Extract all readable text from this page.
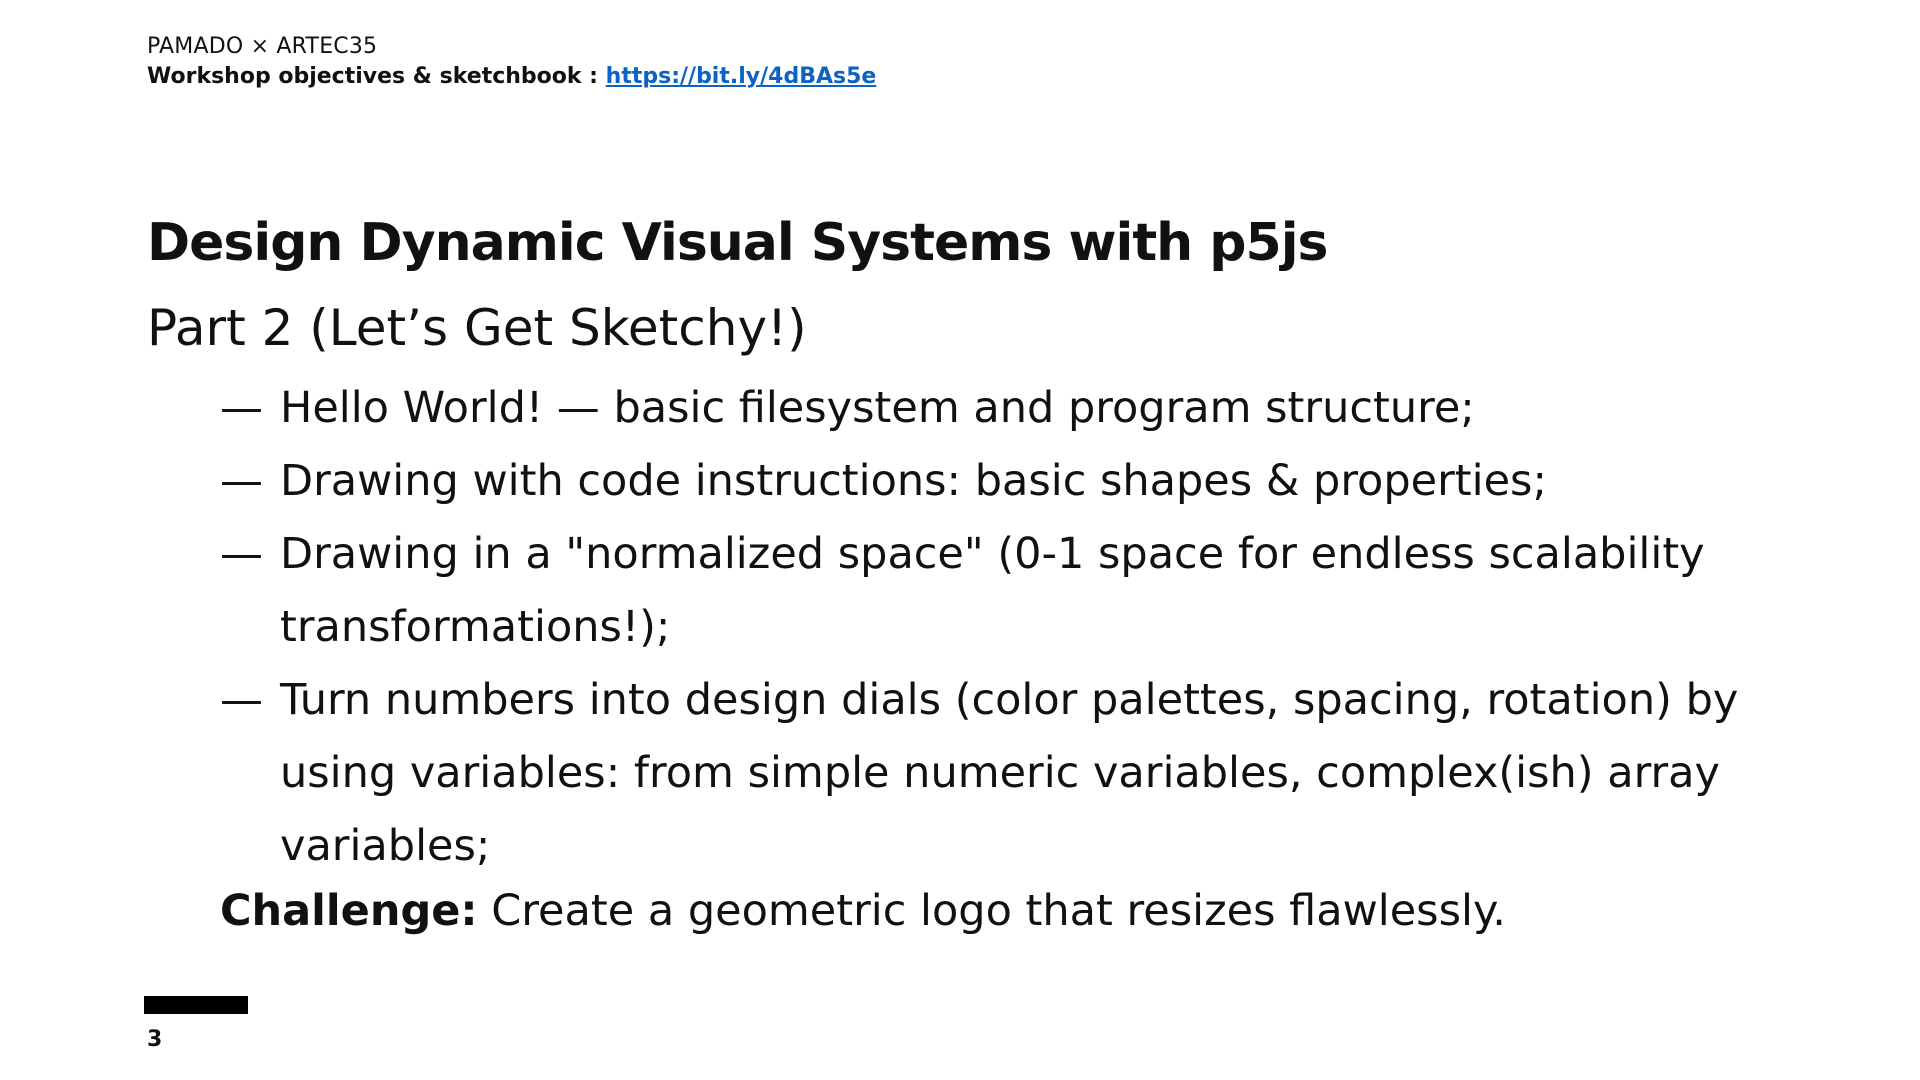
PAMADO × ARTEC35
Workshop objectives & sketchbook : https://bit.ly/4dBAs5e
Design Dynamic Visual Systems with p5js
Part 2 (Let’s Get Sketchy!)
— Hello World! — basic filesystem and program structure;
— Drawing with code instructions: basic shapes & properties;
— Drawing in a "normalized space" (0-1 space for endless scalability transformations!);
— Turn numbers into design dials (color palettes, spacing, rotation) by using variables: from simple numeric variables, complex(ish) array variables;
Challenge: Create a geometric logo that resizes flawlessly.
3
